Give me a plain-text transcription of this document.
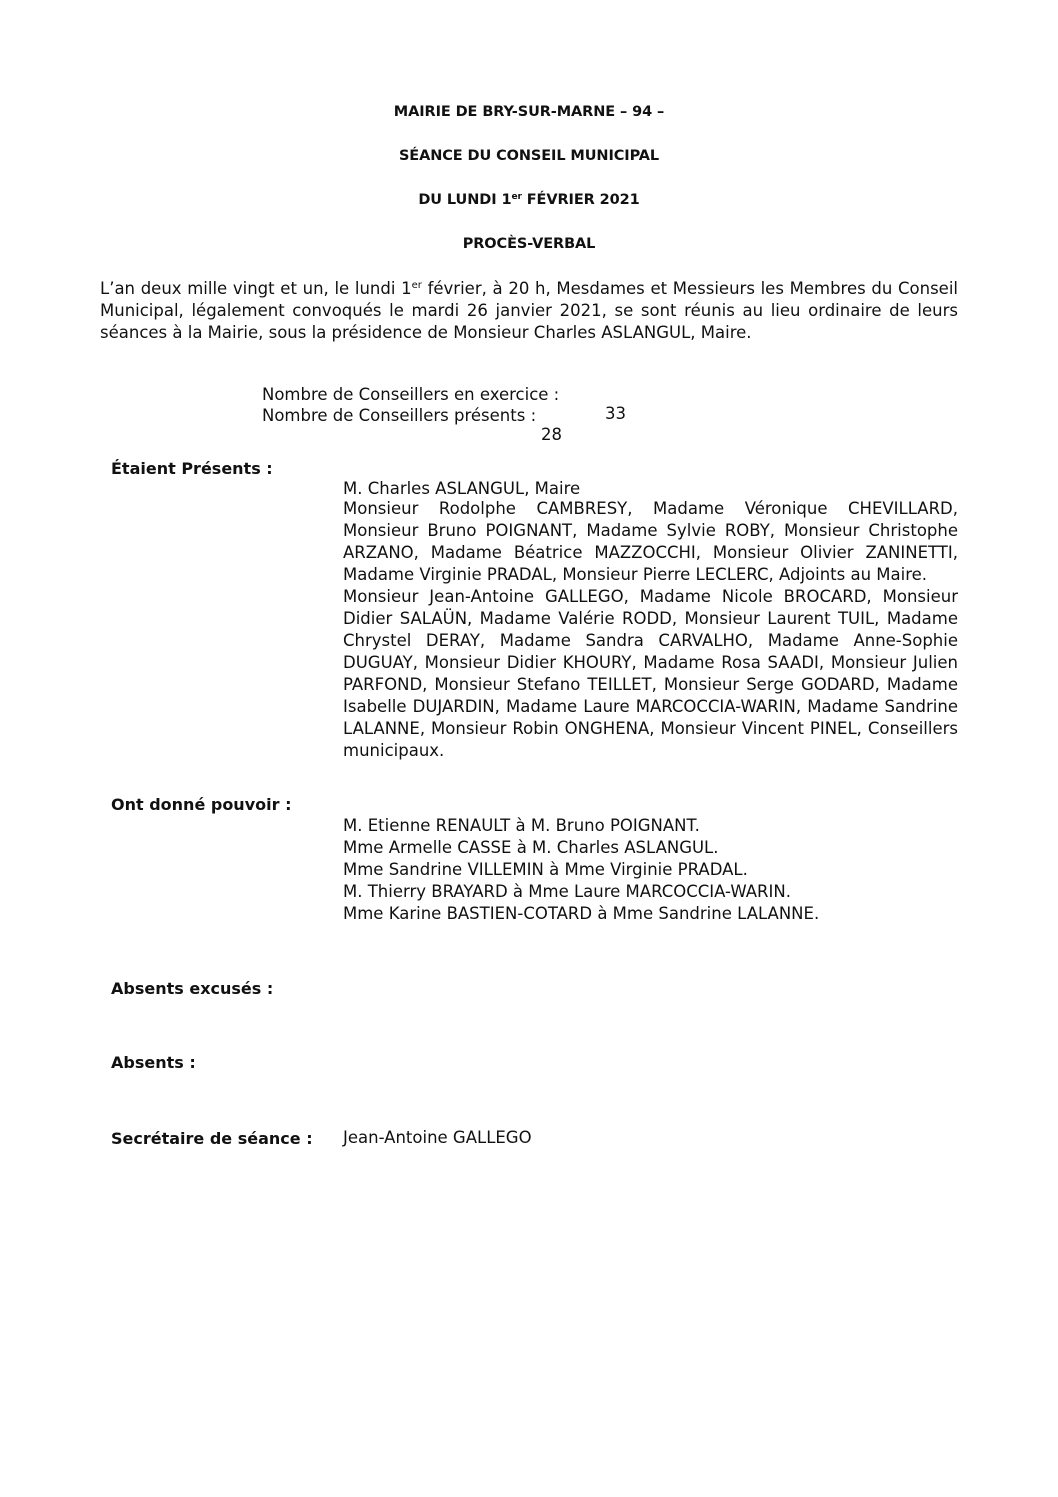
MAIRIE DE BRY-SUR-MARNE – 94 –
SÉANCE DU CONSEIL MUNICIPAL
DU LUNDI 1er FÉVRIER 2021
PROCÈS-VERBAL

L’an deux mille vingt et un, le lundi 1er février, à 20 h, Mesdames et Messieurs les Membres du Conseil Municipal, légalement convoqués le mardi 26 janvier 2021, se sont réunis au lieu ordinaire de leurs séances à la Mairie, sous la présidence de Monsieur Charles ASLANGUL, Maire.

Nombre de Conseillers en exercice :

33

Nombre de Conseillers présents :

28

Étaient Présents :
M. Charles ASLANGUL, Maire

Monsieur Rodolphe CAMBRESY, Madame Véronique CHEVILLARD, Monsieur Bruno POIGNANT, Madame Sylvie ROBY, Monsieur Christophe ARZANO, Madame Béatrice MAZZOCCHI, Monsieur Olivier ZANINETTI, Madame Virginie PRADAL, Monsieur Pierre LECLERC, Adjoints au Maire.

Monsieur Jean-Antoine GALLEGO, Madame Nicole BROCARD, Monsieur Didier SALAÜN, Madame Valérie RODD, Monsieur Laurent TUIL, Madame Chrystel DERAY, Madame Sandra CARVALHO, Madame Anne-Sophie DUGUAY, Monsieur Didier KHOURY, Madame Rosa SAADI, Monsieur Julien PARFOND, Monsieur Stefano TEILLET, Monsieur Serge GODARD, Madame Isabelle DUJARDIN, Madame Laure MARCOCCIA-WARIN, Madame Sandrine LALANNE, Monsieur Robin ONGHENA, Monsieur Vincent PINEL, Conseillers municipaux.

Ont donné pouvoir :
M. Etienne RENAULT à M. Bruno POIGNANT.
Mme Armelle CASSE à M. Charles ASLANGUL.
Mme Sandrine VILLEMIN à Mme Virginie PRADAL.
M. Thierry BRAYARD à Mme Laure MARCOCCIA-WARIN.
Mme Karine BASTIEN-COTARD à Mme Sandrine LALANNE.
Absents excusés :
Absents :
Secrétaire de séance : Jean-Antoine GALLEGO
